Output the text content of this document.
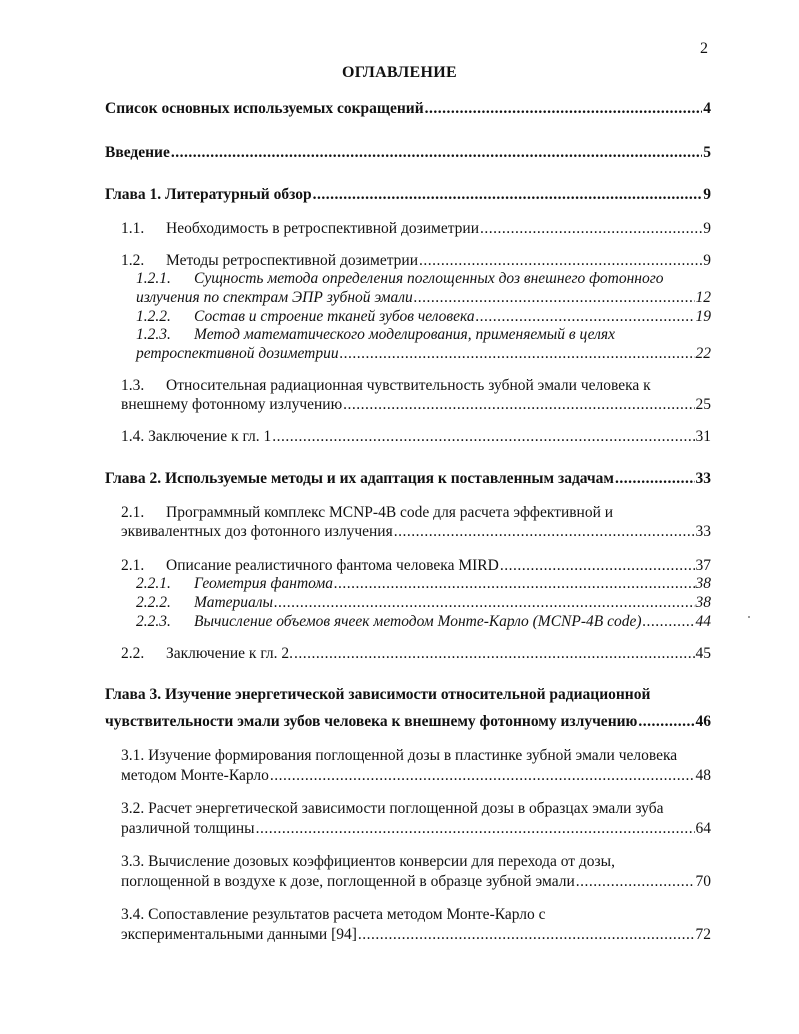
2
ОГЛАВЛЕНИЕ
Список основных используемых сокращений .....	4
Введение .....	5
Глава 1. Литературный обзор .....	9
1.1. Необходимость в ретроспективной дозиметрии .....	9
1.2. Методы ретроспективной дозиметрии .....	9
1.2.1. Сущность метода определения поглощенных доз внешнего фотонного
излучения по спектрам ЭПР зубной эмали .....	12
1.2.2. Состав и строение тканей зубов человека .....	19
1.2.3. Метод математического моделирования, применяемый в целях
ретроспективной дозиметрии .....	22
1.3. Относительная радиационная чувствительность зубной эмали человека к
внешнему фотонному излучению .....	25
1.4. Заключение к гл. 1 .....	31
Глава 2. Используемые методы и их адаптация к поставленным задачам .....	33
2.1. Программный комплекс MCNP-4B code для расчета эффективной и
эквивалентных доз фотонного излучения .....	33
2.1. Описание реалистичного фантома человека MIRD .....	37
2.2.1. Геометрия фантома .....	38
2.2.2. Материалы .....	38
2.2.3. Вычисление объемов ячеек методом Монте-Карло (MCNP-4B code) .....	44
2.2. Заключение к гл. 2. .....	45
Глава 3. Изучение энергетической зависимости относительной радиационной
чувствительности эмали зубов человека к внешнему фотонному излучению .....	46
3.1. Изучение формирования поглощенной дозы в пластинке зубной эмали человека
методом Монте-Карло .....	48
3.2. Расчет энергетической зависимости поглощенной дозы в образцах эмали зуба
различной толщины .....	64
3.3. Вычисление дозовых коэффициентов конверсии для перехода от дозы,
поглощенной в воздухе к дозе, поглощенной в образце зубной эмали .....	70
3.4. Сопоставление результатов расчета методом Монте-Карло с
экспериментальными данными [94] .....	72
